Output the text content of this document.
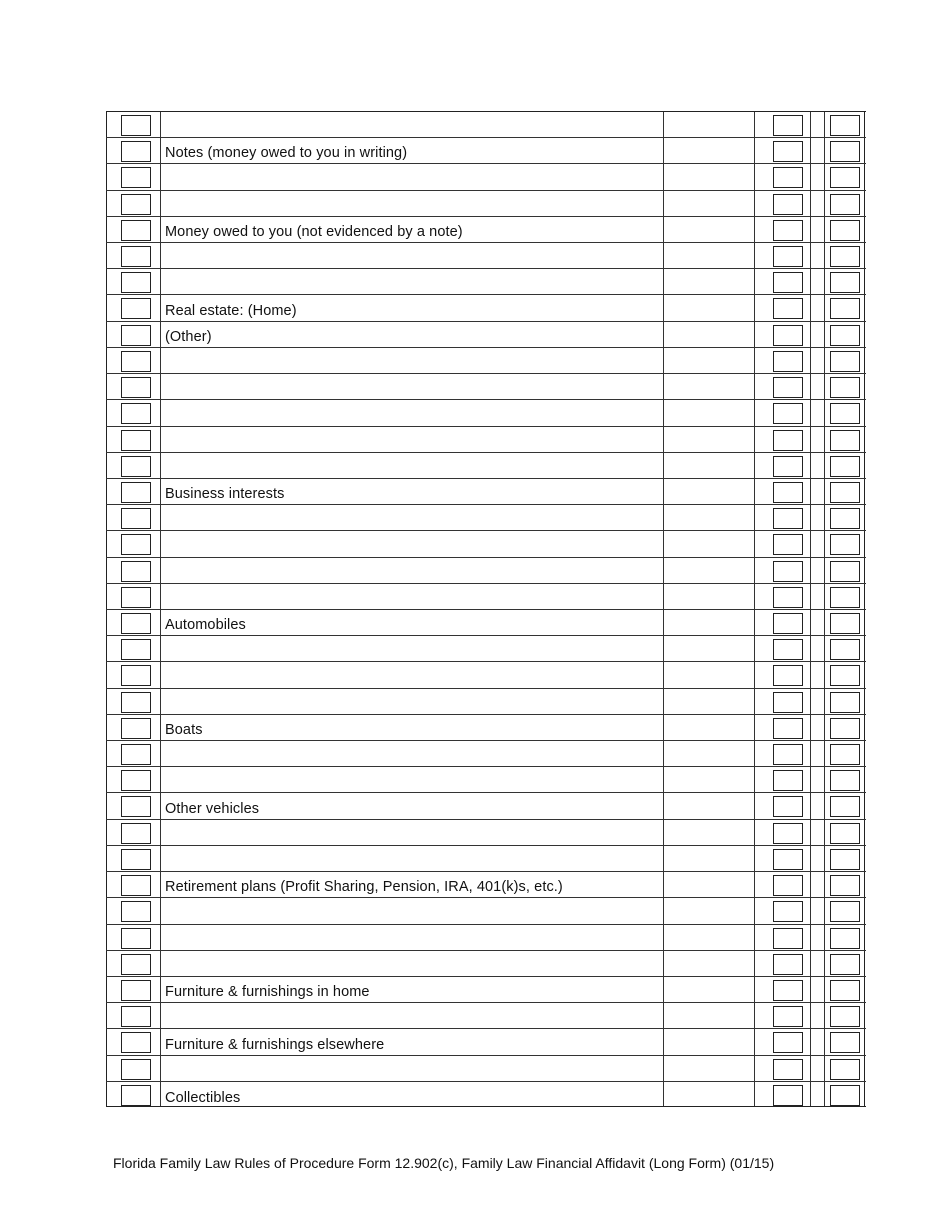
Notes (money owed to you in writing)
Money owed to you (not evidenced by a note)
Real estate: (Home)
(Other)
Business interests
Automobiles
Boats
Other vehicles
Retirement plans (Profit Sharing, Pension, IRA, 401(k)s, etc.)
Furniture & furnishings in home
Furniture & furnishings elsewhere
Collectibles
Florida Family Law Rules of Procedure Form 12.902(c), Family Law Financial Affidavit (Long Form) (01/15)
